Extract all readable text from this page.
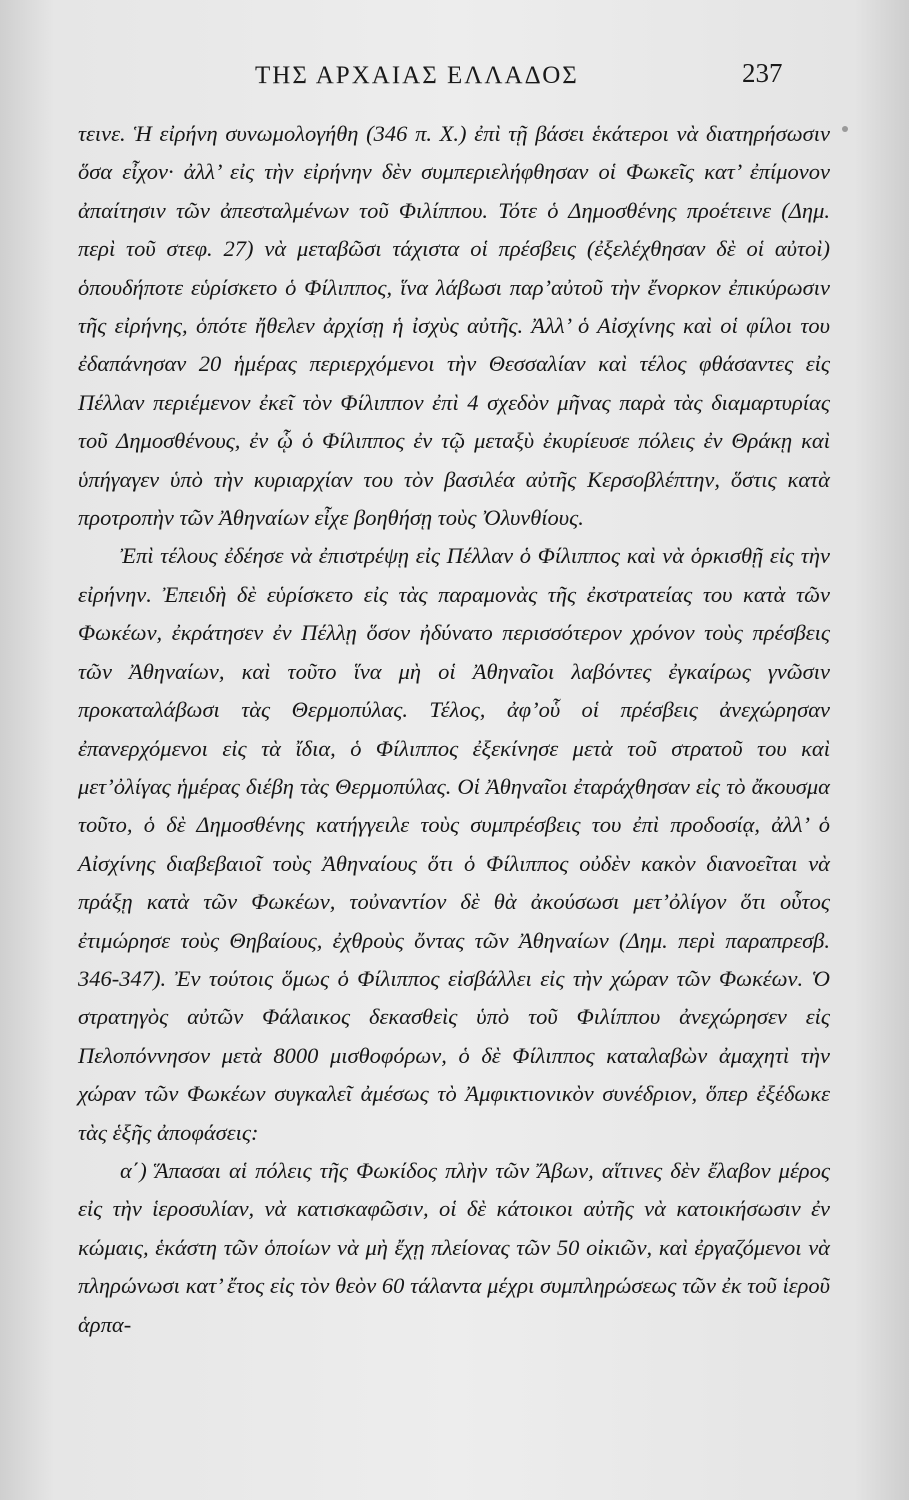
ΤΗΣ ΑΡΧΑΙΑΣ ΕΛΛΑΔΟΣ	237

τεινε. Ἡ εἰρήνη συνωμολογήθη (346 π. Χ.) ἐπὶ τῇ βάσει ἑκάτεροι νὰ διατηρήσωσιν ὅσα εἶχον· ἀλλ’ εἰς τὴν εἰρήνην δὲν συμπεριελήφθησαν οἱ Φωκεῖς κατ’ ἐπίμονον ἀπαίτησιν τῶν ἀπεσταλμένων τοῦ Φιλίππου. Τότε ὁ Δημοσθένης προέτεινε (Δημ. περὶ τοῦ στεφ. 27) νὰ μεταβῶσι τάχιστα οἱ πρέσβεις (ἐξελέχθησαν δὲ οἱ αὐτοὶ) ὁπουδήποτε εὑρίσκετο ὁ Φίλιππος, ἵνα λάβωσι παρ’αὐτοῦ τὴν ἔνορκον ἐπικύρωσιν τῆς εἰρήνης, ὁπότε ἤθελεν ἀρχίσῃ ἡ ἰσχὺς αὐτῆς. Ἀλλ’ ὁ Αἰσχίνης καὶ οἱ φίλοι του ἐδαπάνησαν 20 ἡμέρας περιερχόμενοι τὴν Θεσσαλίαν καὶ τέλος φθάσαντες εἰς Πέλλαν περιέμενον ἐκεῖ τὸν Φίλιππον ἐπὶ 4 σχεδὸν μῆνας παρὰ τὰς διαμαρτυρίας τοῦ Δημοσθένους, ἐν ᾧ ὁ Φίλιππος ἐν τῷ μεταξὺ ἐκυρίευσε πόλεις ἐν Θράκῃ καὶ ὑπήγαγεν ὑπὸ τὴν κυριαρχίαν του τὸν βασιλέα αὐτῆς Κερσοβλέπτην, ὅστις κατὰ προτροπὴν τῶν Ἀθηναίων εἶχε βοηθήσῃ τοὺς Ὀλυνθίους.

Ἐπὶ τέλους ἐδέησε νὰ ἐπιστρέψῃ εἰς Πέλλαν ὁ Φίλιππος καὶ νὰ ὁρκισθῇ εἰς τὴν εἰρήνην. Ἐπειδὴ δὲ εὑρίσκετο εἰς τὰς παραμονὰς τῆς ἐκστρατείας του κατὰ τῶν Φωκέων, ἐκράτησεν ἐν Πέλλῃ ὅσον ἠδύνατο περισσότερον χρόνον τοὺς πρέσβεις τῶν Ἀθηναίων, καὶ τοῦτο ἵνα μὴ οἱ Ἀθηναῖοι λαβόντες ἐγκαίρως γνῶσιν προκαταλάβωσι τὰς Θερμοπύλας. Τέλος, ἀφ’οὗ οἱ πρέσβεις ἀνεχώρησαν ἐπανερχόμενοι εἰς τὰ ἴδια, ὁ Φίλιππος ἐξεκίνησε μετὰ τοῦ στρατοῦ του καὶ μετ’ὀλίγας ἡμέρας διέβη τὰς Θερμοπύλας. Οἱ Ἀθηναῖοι ἐταράχθησαν εἰς τὸ ἄκουσμα τοῦτο, ὁ δὲ Δημοσθένης κατήγγειλε τοὺς συμπρέσβεις του ἐπὶ προδοσίᾳ, ἀλλ’ ὁ Αἰσχίνης διαβεβαιοῖ τοὺς Ἀθηναίους ὅτι ὁ Φίλιππος οὐδὲν κακὸν διανοεῖται νὰ πράξῃ κατὰ τῶν Φωκέων, τοὐναντίον δὲ θὰ ἀκούσωσι μετ’ὀλίγον ὅτι οὗτος ἐτιμώρησε τοὺς Θηβαίους, ἐχθροὺς ὄντας τῶν Ἀθηναίων (Δημ. περὶ παραπρεσβ. 346-347). Ἐν τούτοις ὅμως ὁ Φίλιππος εἰσβάλλει εἰς τὴν χώραν τῶν Φωκέων. Ὁ στρατηγὸς αὐτῶν Φάλαικος δεκασθεὶς ὑπὸ τοῦ Φιλίππου ἀνεχώρησεν εἰς Πελοπόννησον μετὰ 8000 μισθοφόρων, ὁ δὲ Φίλιππος καταλαβὼν ἀμαχητὶ τὴν χώραν τῶν Φωκέων συγκαλεῖ ἀμέσως τὸ Ἀμφικτιονικὸν συνέδριον, ὅπερ ἐξέδωκε τὰς ἑξῆς ἀποφάσεις:

α΄) Ἅπασαι αἱ πόλεις τῆς Φωκίδος πλὴν τῶν Ἄβων, αἵτινες δὲν ἔλαβον μέρος εἰς τὴν ἱεροσυλίαν, νὰ κατισκαφῶσιν, οἱ δὲ κάτοικοι αὐτῆς νὰ κατοικήσωσιν ἐν κώμαις, ἑκάστη τῶν ὁποίων νὰ μὴ ἔχῃ πλείονας τῶν 50 οἰκιῶν, καὶ ἐργαζόμενοι νὰ πληρώνωσι κατ’ ἔτος εἰς τὸν θεὸν 60 τάλαντα μέχρι συμπληρώσεως τῶν ἐκ τοῦ ἱεροῦ ἁρπα-
